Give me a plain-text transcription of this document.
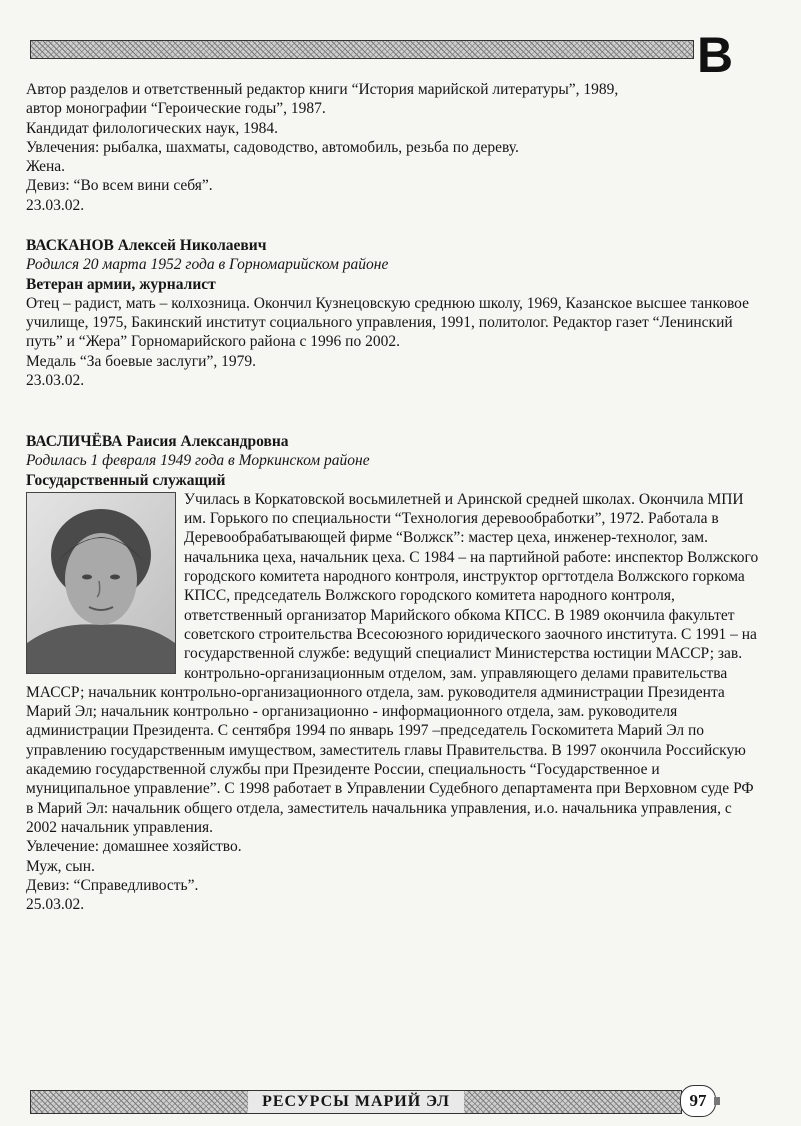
В

Автор разделов и ответственный редактор книги “История марийской литературы”, 1989,

автор монографии “Героические годы”, 1987.

Кандидат филологических наук, 1984.

Увлечения: рыбалка, шахматы, садоводство, автомобиль, резьба по дереву.

Жена.

Девиз: “Во всем вини себя”.

23.03.02.

ВАСКАНОВ Алексей Николаевич

Родился 20 марта 1952 года в Горномарийском районе

Ветеран армии, журналист

Отец – радист, мать – колхозница. Окончил Кузнецовскую среднюю школу, 1969, Казанское высшее танковое училище, 1975, Бакинский институт социального управления, 1991, политолог. Редактор газет “Ленинский путь” и “Жера” Горномарийского района с 1996 по 2002.

Медаль “За боевые заслуги”, 1979.

23.03.02.

ВАСЛИЧЁВА Раисия Александровна

Родилась 1 февраля 1949 года в Моркинском районе

Государственный служащий

Училась в Коркатовской восьмилетней и Аринской средней школах. Окончила МПИ им. Горького по специальности “Технология деревообработки”, 1972. Работала в Деревообрабатывающей фирме “Волжск”: мастер цеха, инженер-технолог, зам. начальника цеха, начальник цеха. С 1984 – на партийной работе: инспектор Волжского городского комитета народного контроля, инструктор оргтотдела Волжского горкома КПСС, председатель Волжского городского комитета народного контроля, ответственный организатор Марийского обкома КПСС. В 1989 окончила факультет советского строительства Всесоюзного юридического заочного института. С 1991 – на государственной службе: ведущий специалист Министерства юстиции МАССР; зав. контрольно-организационным отделом, зам. управляющего делами правительства МАССР; начальник контрольно-организационного отдела, зам. руководителя администрации Президента Марий Эл; начальник контрольно - организационно - информационного отдела, зам. руководителя администрации Президента. С сентября 1994 по январь 1997 –председатель Госкомитета Марий Эл по управлению государственным имуществом, заместитель главы Правительства. В 1997 окончила Российскую академию государственной службы при Президенте России, специальность “Государственное и муниципальное управление”. С 1998 работает в Управлении Судебного департамента при Верховном суде РФ в Марий Эл: начальник общего отдела, заместитель начальника управления, и.о. начальника управления, с 2002 начальник управления.

Увлечение: домашнее хозяйство.

Муж, сын.

Девиз: “Справедливость”.

25.03.02.

РЕСУРСЫ МАРИЙ ЭЛ	97
